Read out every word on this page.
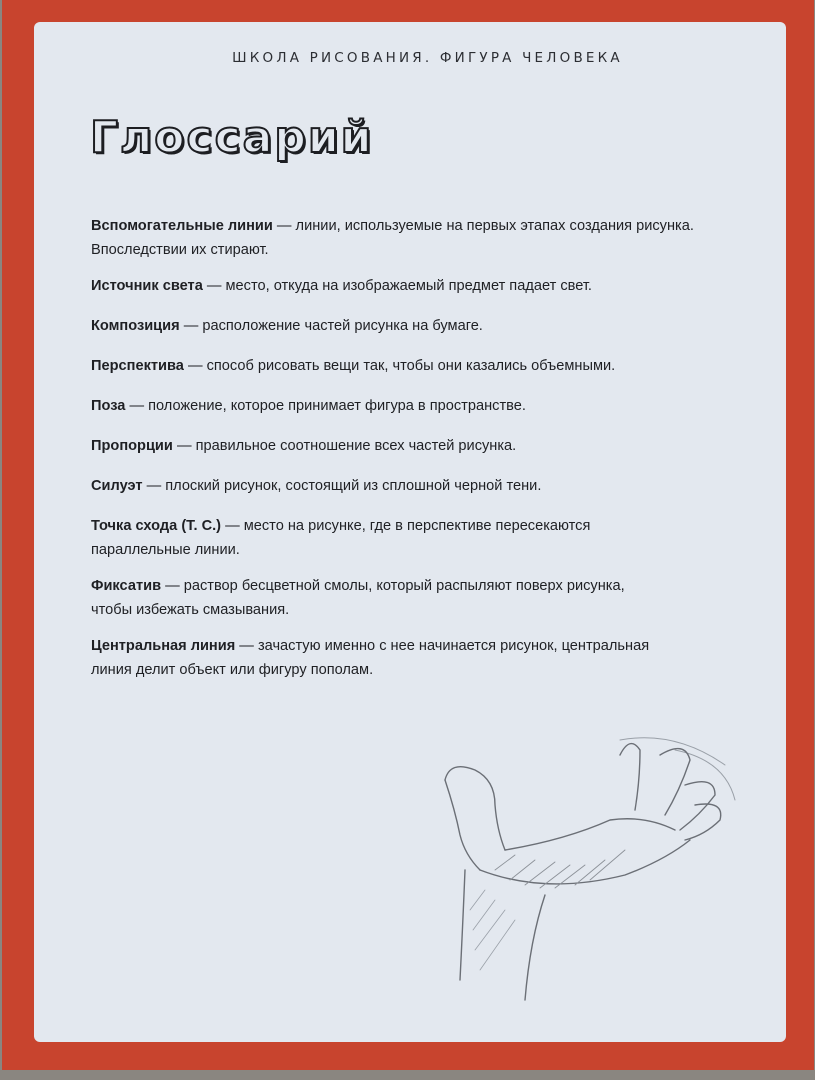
ШКОЛА РИСОВАНИЯ. ФИГУРА ЧЕЛОВЕКА
Глоссарий
Вспомогательные линии — линии, используемые на первых этапах создания рисунка.
Впоследствии их стирают.
Источник света — место, откуда на изображаемый предмет падает свет.
Композиция — расположение частей рисунка на бумаге.
Перспектива — способ рисовать вещи так, чтобы они казались объемными.
Поза — положение, которое принимает фигура в пространстве.
Пропорции — правильное соотношение всех частей рисунка.
Силуэт — плоский рисунок, состоящий из сплошной черной тени.
Точка схода (Т. С.) — место на рисунке, где в перспективе пересекаются
параллельные линии.
Фиксатив — раствор бесцветной смолы, который распыляют поверх рисунка,
чтобы избежать смазывания.
Центральная линия — зачастую именно с нее начинается рисунок, центральная
линия делит объект или фигуру пополам.
